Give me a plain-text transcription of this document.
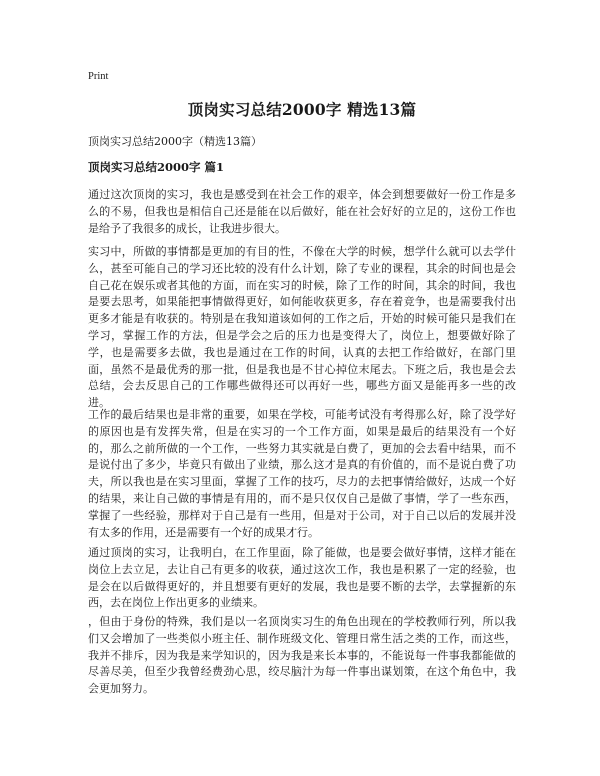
Print
顶岗实习总结2000字 精选13篇

顶岗实习总结2000字（精选13篇）

顶岗实习总结2000字 篇1

通过这次顶岗的实习，我也是感受到在社会工作的艰辛，体会到想要做好一份工作是多么的不易，但我也是相信自己还是能在以后做好，能在社会好好的立足的，这份工作也是给予了我很多的成长，让我进步很大。

实习中，所做的事情都是更加的有目的性，不像在大学的时候，想学什么就可以去学什么，甚至可能自己的学习还比较的没有什么计划，除了专业的课程，其余的时间也是会自己花在娱乐或者其他的方面，而在实习的时候，除了工作的时间，其余的时间，我也是要去思考，如果能把事情做得更好，如何能收获更多，存在着竞争，也是需要我付出更多才能是有收获的。特别是在我知道该如何的工作之后，开始的时候可能只是我们在学习，掌握工作的方法，但是学会之后的压力也是变得大了，岗位上，想要做好除了学，也是需要多去做，我也是通过在工作的时间，认真的去把工作给做好，在部门里面，虽然不是最优秀的那一批，但是我也是不甘心掉位末尾去。下班之后，我也是会去总结，会去反思自己的工作哪些做得还可以再好一些，哪些方面又是能再多一些的改进。

工作的最后结果也是非常的重要，如果在学校，可能考试没有考得那么好，除了没学好的原因也是有发挥失常，但是在实习的一个工作方面，如果是最后的结果没有一个好的，那么之前所做的一个工作，一些努力其实就是白费了，更加的会去看中结果，而不是说付出了多少，毕竟只有做出了业绩，那么这才是真的有价值的，而不是说白费了功夫，所以我也是在实习里面，掌握了工作的技巧，尽力的去把事情给做好，达成一个好的结果，来让自己做的事情是有用的，而不是只仅仅自己是做了事情，学了一些东西，掌握了一些经验，那样对于自己是有一些用，但是对于公司，对于自己以后的发展并没有太多的作用，还是需要有一个好的成果才行。

通过顶岗的实习，让我明白，在工作里面，除了能做，也是要会做好事情，这样才能在岗位上去立足，去让自己有更多的收获，通过这次工作，我也是积累了一定的经验，也是会在以后做得更好的，并且想要有更好的发展，我也是要不断的去学，去掌握新的东西，去在岗位上作出更多的业绩来。

，但由于身份的特殊，我们是以一名顶岗实习生的角色出现在的学校教师行列，所以我们又会增加了一些类似小班主任、制作班级文化、管理日常生活之类的工作，而这些，我并不排斥，因为我是来学知识的，因为我是来长本事的，不能说每一件事我都能做的尽善尽美，但至少我曾经费劲心思，绞尽脑汁为每一件事出谋划策，在这个角色中，我会更加努力。
